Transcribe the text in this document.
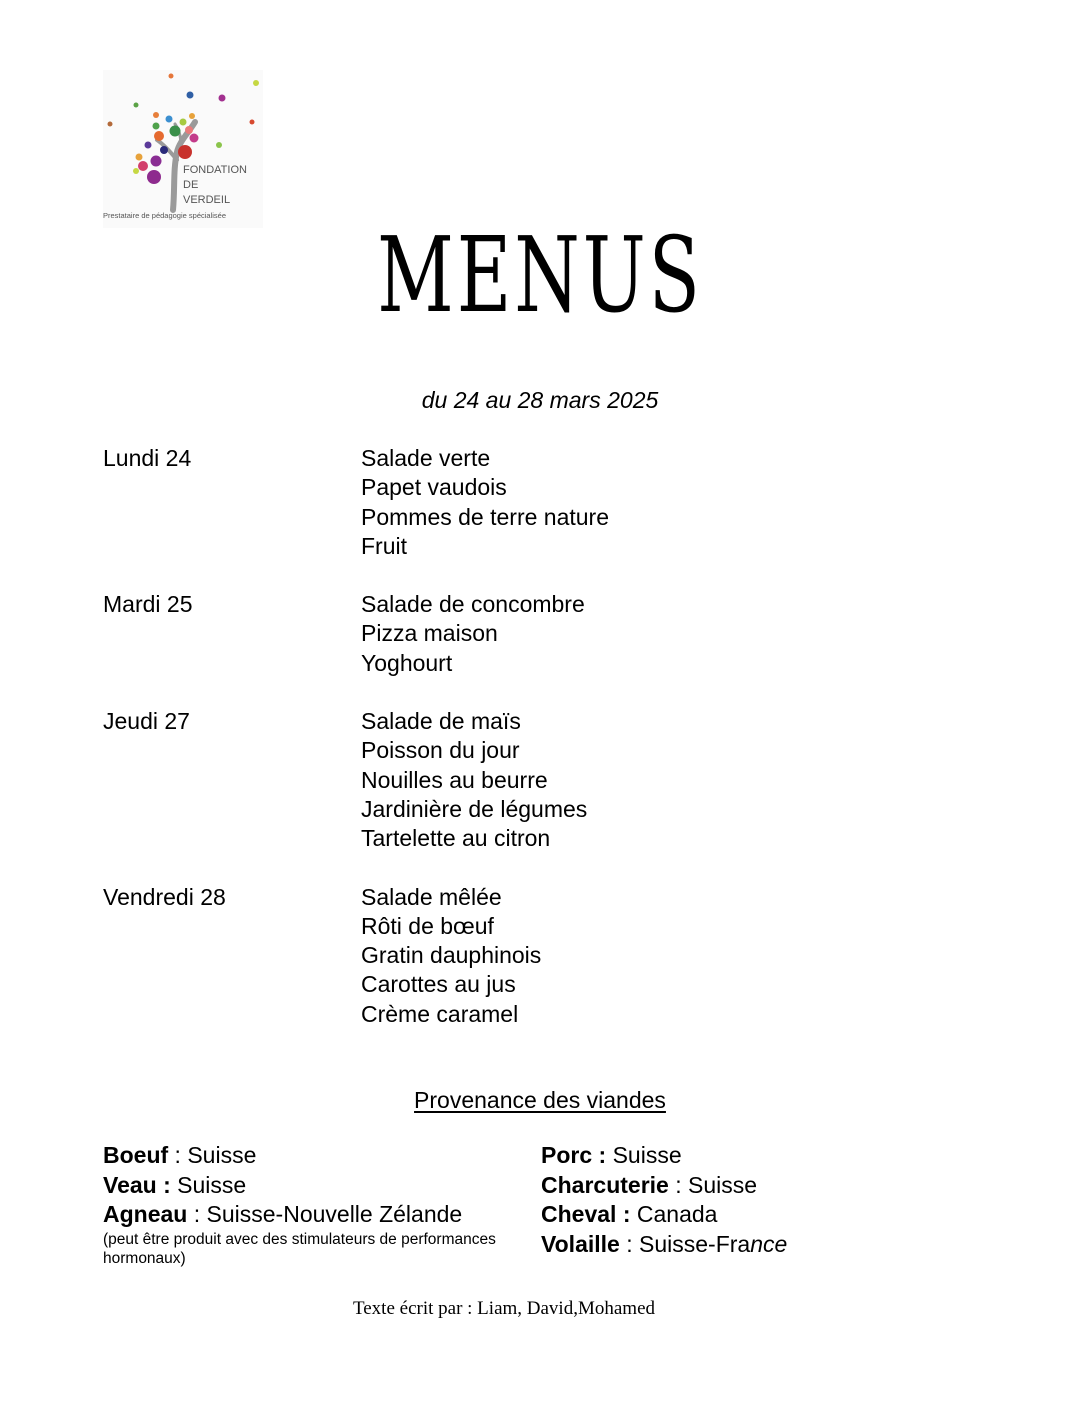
FONDATION
DE
VERDEIL
Prestataire de pédagogie spécialisée	MENUS
du 24 au 28 mars 2025
Lundi 24	Salade verte
Papet vaudois
Pommes de terre nature
Fruit
Mardi 25	Salade de concombre
Pizza maison
Yoghourt
Jeudi 27	Salade de maïs
Poisson du jour
Nouilles au beurre
Jardinière de légumes
Tartelette au citron
Vendredi 28	Salade mêlée
Rôti de bœuf
Gratin dauphinois
Carottes au jus
Crème caramel
Provenance des viandes
Boeuf : Suisse
Veau : Suisse
Agneau : Suisse-Nouvelle Zélande
(peut être produit avec des stimulateurs de performances hormonaux)
Porc : Suisse
Charcuterie : Suisse
Cheval : Canada
Volaille : Suisse-France
Texte écrit par : Liam, David,Mohamed
